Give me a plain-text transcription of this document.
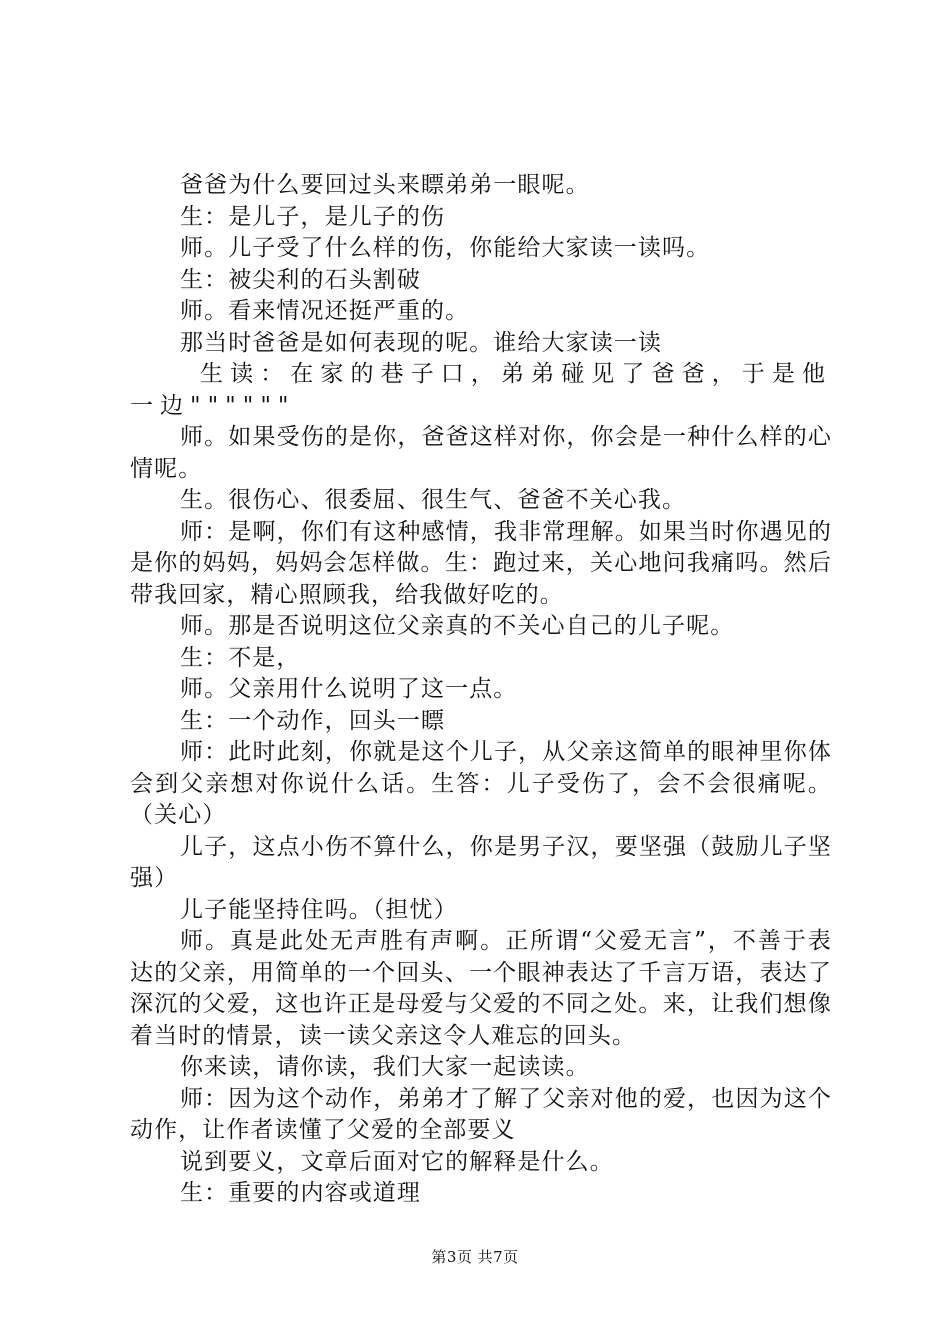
爸爸为什么要回过头来瞟弟弟一眼呢。

生：是儿子，是儿子的伤

师。儿子受了什么样的伤，你能给大家读一读吗。

生：被尖利的石头割破

师。看来情况还挺严重的。

那当时爸爸是如何表现的呢。谁给大家读一读

生读：在家的巷子口，弟弟碰见了爸爸，于是他一边""""""

师。如果受伤的是你，爸爸这样对你，你会是一种什么样的心情呢。

生。很伤心、很委屈、很生气、爸爸不关心我。

师：是啊，你们有这种感情，我非常理解。如果当时你遇见的是你的妈妈，妈妈会怎样做。生：跑过来，关心地问我痛吗。然后带我回家，精心照顾我，给我做好吃的。

师。那是否说明这位父亲真的不关心自己的儿子呢。

生：不是，

师。父亲用什么说明了这一点。

生：一个动作，回头一瞟

师：此时此刻，你就是这个儿子，从父亲这简单的眼神里你体会到父亲想对你说什么话。生答：儿子受伤了，会不会很痛呢。（关心）

儿子，这点小伤不算什么，你是男子汉，要坚强（鼓励儿子坚强）

儿子能坚持住吗。（担忧）

师。真是此处无声胜有声啊。正所谓“父爱无言”，不善于表达的父亲，用简单的一个回头、一个眼神表达了千言万语，表达了深沉的父爱，这也许正是母爱与父爱的不同之处。来，让我们想像着当时的情景，读一读父亲这令人难忘的回头。

你来读，请你读，我们大家一起读读。

师：因为这个动作，弟弟才了解了父亲对他的爱，也因为这个动作，让作者读懂了父爱的全部要义

说到要义，文章后面对它的解释是什么。

生：重要的内容或道理

第3页 共7页
